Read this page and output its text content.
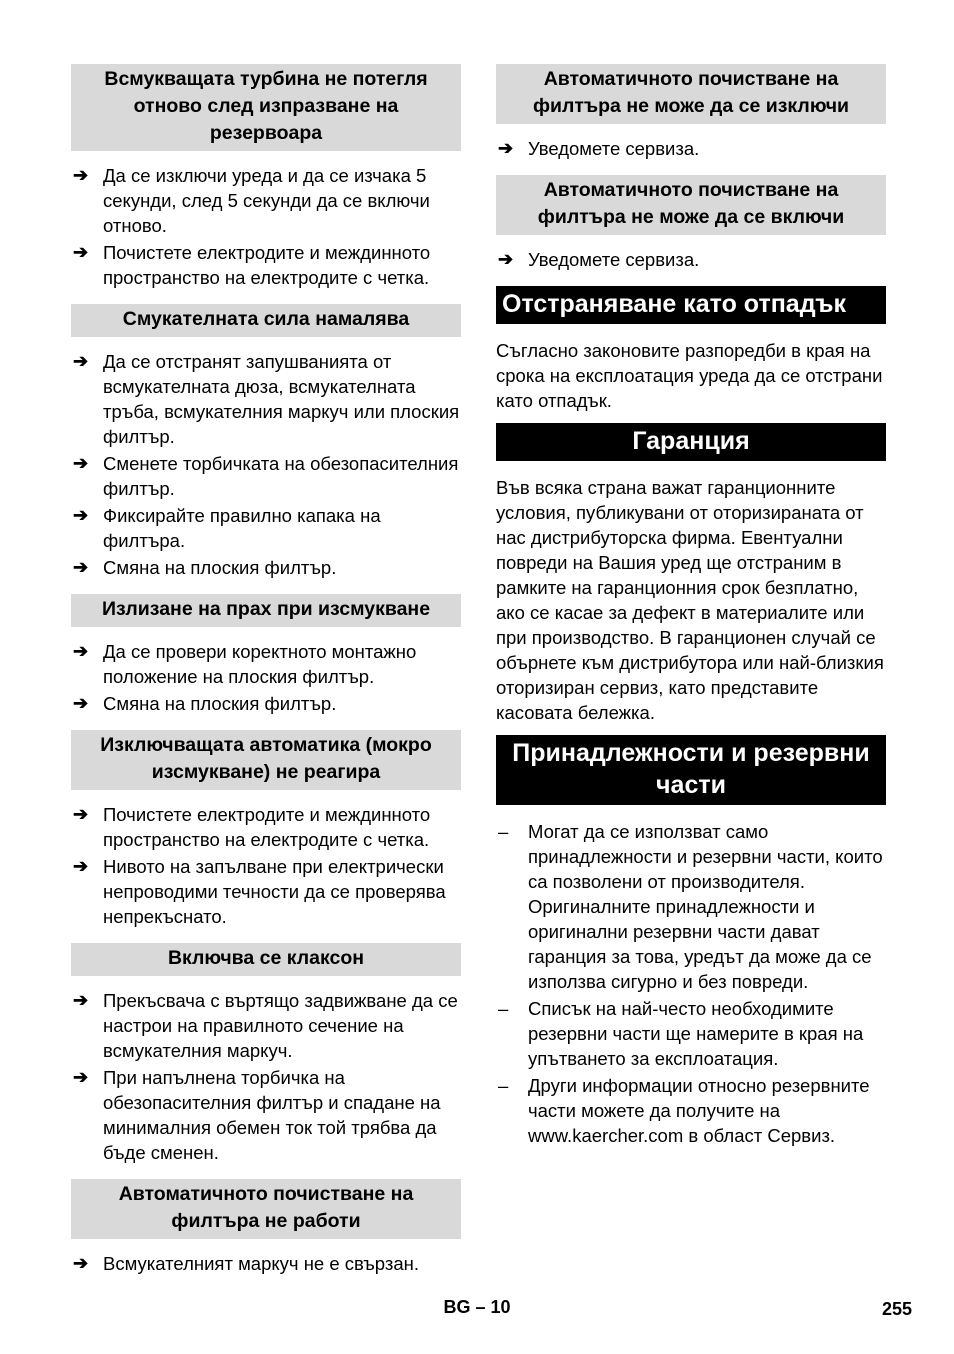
Всмукващата турбина не потегля отново след изпразване на резервоара
➔ Да се изключи уреда и да се изчака 5 секунди, след 5 секунди да се включи отново.
➔ Почистете електродите и междинното пространство на електродите с четка.
Смукателната сила намалява
➔ Да се отстранят запушванията от всмукателната дюза, всмукателната тръба, всмукателния маркуч или плоския филтър.
➔ Сменете торбичката на обезопасителния филтър.
➔ Фиксирайте правилно капака на филтъра.
➔ Смяна на плоския филтър.
Излизане на прах при изсмукване
➔ Да се провери коректното монтажно положение на плоския филтър.
➔ Смяна на плоския филтър.
Изключващата автоматика (мокро изсмукване) не реагира
➔ Почистете електродите и междинното пространство на електродите с четка.
➔ Нивото на запълване при електрически непроводими течности да се проверява непрекъснато.
Включва се клаксон
➔ Прекъсвача с въртящо задвижване да се настрои на правилното сечение на всмукателния маркуч.
➔ При напълнена торбичка на обезопасителния филтър и спадане на минималния обемен ток той трябва да бъде сменен.
Автоматичното почистване на филтъра не работи
➔ Всмукателният маркуч не е свързан.
Автоматичното почистване на филтъра не може да се изключи
➔ Уведомете сервиза.
Автоматичното почистване на филтъра не може да се включи
➔ Уведомете сервиза.
Отстраняване като отпадък

Съгласно законовите разпоредби в края на срока на експлоатация уреда да се отстрани като отпадък.

Гаранция

Във всяка страна важат гаранционните условия, публикувани от оторизираната от нас дистрибуторска фирма. Евентуални повреди на Вашия уред ще отстраним в рамките на гаранционния срок безплатно, ако се касае за дефект в материалите или при производство. В гаранционен случай се обърнете към дистрибутора или най-близкия оторизиран сервиз, като представите касовата бележка.

Принадлежности и резервни части
– Могат да се използват само принадлежности и резервни части, които са позволени от производителя. Оригиналните принадлежности и оригинални резервни части дават гаранция за това, уредът да може да се използва сигурно и без повреди.
– Списък на най-често необходимите резервни части ще намерите в края на упътването за експлоатация.
– Други информации относно резервните части можете да получите на www.kaercher.com в област Сервиз.
BG – 10	255
